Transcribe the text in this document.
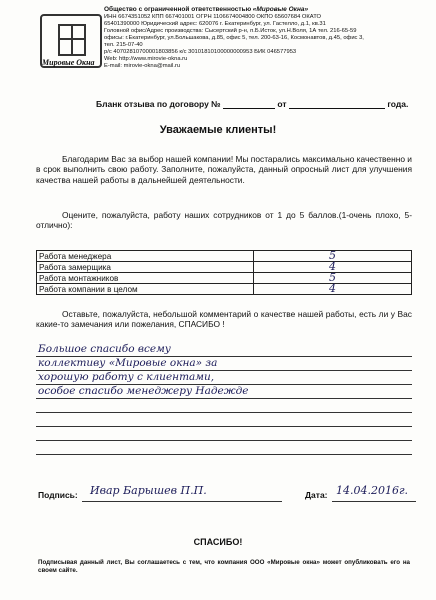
Мировые Окна
Общество с ограниченной ответственностью «Мировые Окна»
ИНН 6674351052 КПП 667401001 ОГРН 1106674004800 ОКПО 65607684 ОКАТО
65401390000 Юридический адрес: 620076 г. Екатеринбург, ул. Гастелло, д.1, кв.31
Головной офис/Адрес производства: Сысертский р-н, п.Б.Исток, ул.Н.Воля, 1А тел. 216-65-59
офисы: г.Екатеринбург, ул.Большакова, д.85, офис 5, тел. 200-63-16, Космонавтов, д.45, офис 3,
тел. 215-07-40
р/с 40702810700001803856 к/с 30101810100000000953 БИК 046577953
Web: http://www.mirovie-okna.ru
E-mail: mirovie-okna@mail.ru
Бланк отзыва по договору №	от	года.
Уважаемые клиенты!
Благодарим Вас за выбор нашей компании! Мы постарались максимально качественно и в срок выполнить свою работу. Заполните, пожалуйста, данный опросный лист для улучшения качества нашей работы в дальнейшей деятельности.
Оцените, пожалуйста, работу наших сотрудников от 1 до 5 баллов.(1-очень плохо, 5-отлично):
Работа менеджера	5
Работа замерщика	4
Работа монтажников	5
Работа компании в целом	4
Оставьте, пожалуйста, небольшой комментарий о качестве нашей работы, есть ли у Вас какие-то замечания или пожелания, СПАСИБО !
Большое спасибо всему
коллективу «Мировые окна» за
хорошую работу с клиентами,
особое спасибо менеджеру Надежде
Подпись: Ивар Барышев П.П.	Дата: 14.04.2016г.
СПАСИБО!
Подписывая данный лист, Вы соглашаетесь с тем, что компания ООО «Мировые окна» может опубликовать его на своем сайте.
